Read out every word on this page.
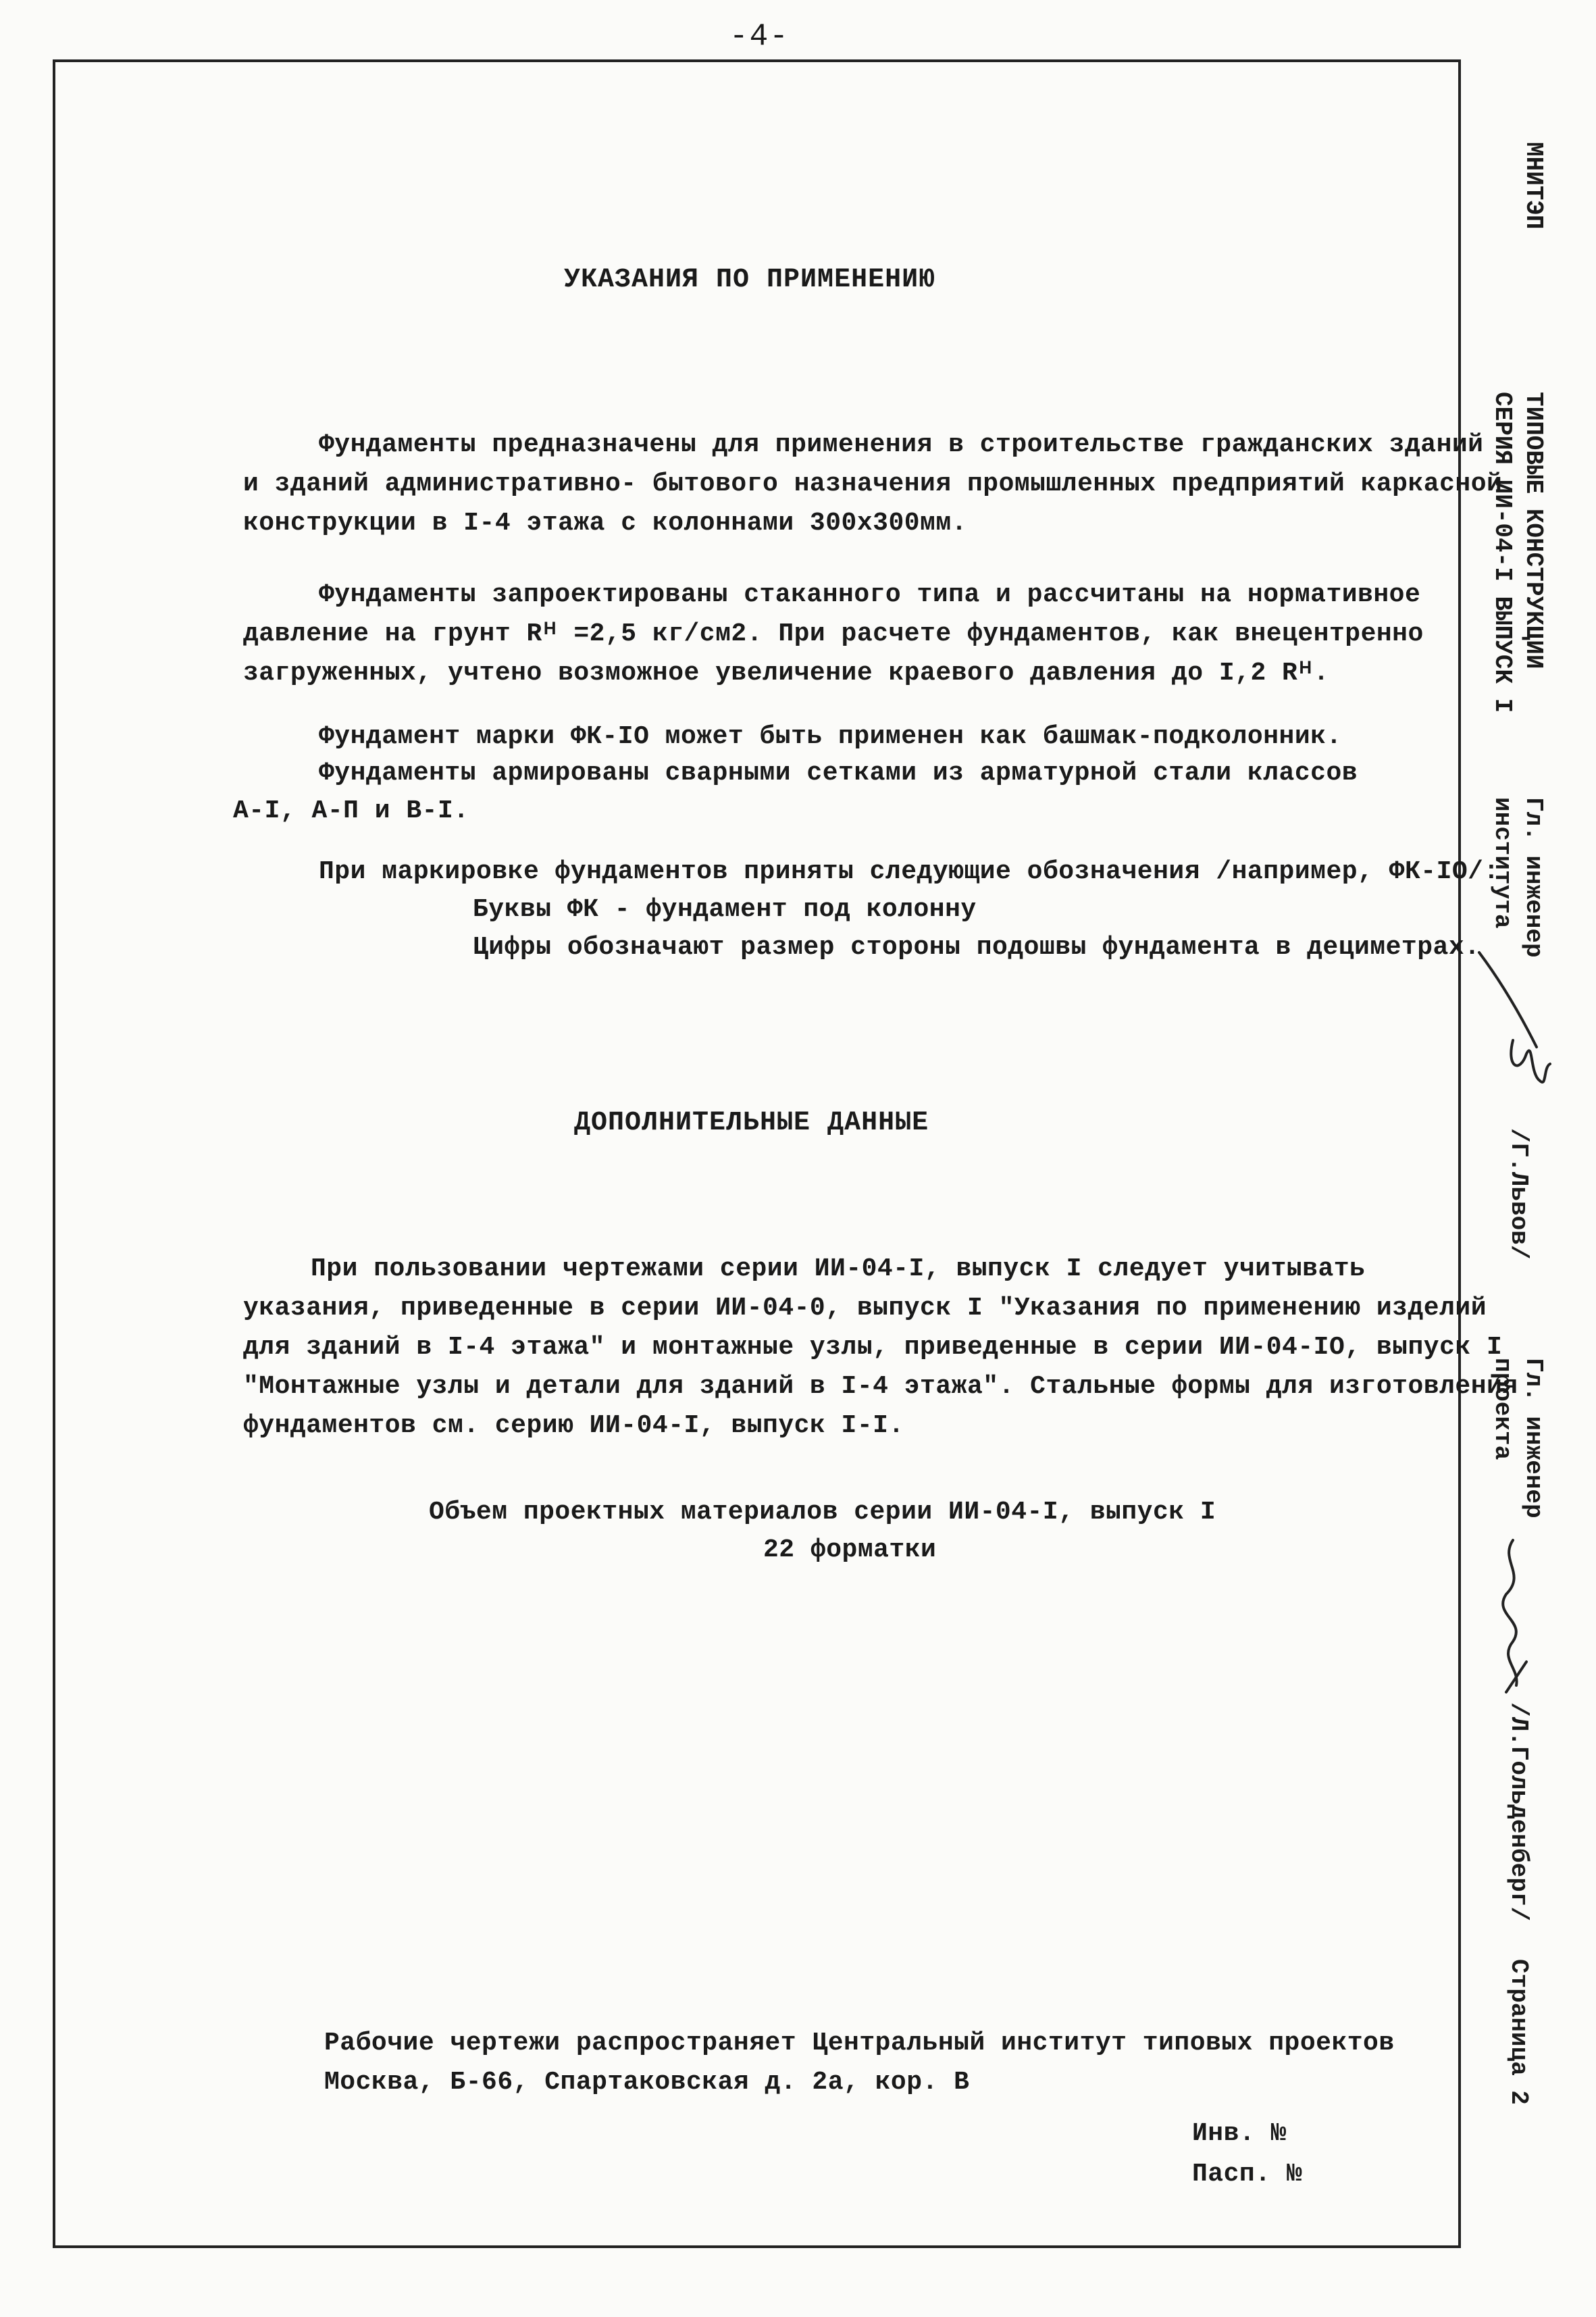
-4-
УКАЗАНИЯ ПО ПРИМЕНЕНИЮ
Фундаменты предназначены для применения в строительстве гражданских зданий
и зданий административно- бытового назначения промышленных предприятий каркасной
конструкции в I-4 этажа с колоннами 300x300мм.
Фундаменты запроектированы стаканного типа и рассчитаны на нормативное
давление на грунт Rᴴ =2,5 кг/см2. При расчете фундаментов, как внецентренно
загруженных, учтено возможное увеличение краевого давления до I,2 Rᴴ.
Фундамент марки ФК-IO может быть применен как башмак-подколонник.
Фундаменты армированы сварными сетками из арматурной стали классов
А-I, А-П и В-I.
При маркировке фундаментов приняты следующие обозначения /например, ФК-IO/:
Буквы ФК - фундамент под колонну
Цифры обозначают размер стороны подошвы фундамента в дециметрах.
ДОПОЛНИТЕЛЬНЫЕ ДАННЫЕ
При пользовании чертежами серии ИИ-04-I, выпуск I следует учитывать
указания, приведенные в серии ИИ-04-0, выпуск I "Указания по применению изделий
для зданий в I-4 этажа" и монтажные узлы, приведенные в серии ИИ-04-IO, выпуск I
"Монтажные узлы и детали для зданий в I-4 этажа". Стальные формы для изготовления
фундаментов см. серию ИИ-04-I, выпуск I-I.
Объем проектных материалов серии ИИ-04-I, выпуск I
22 форматки
Рабочие чертежи распространяет Центральный институт типовых проектов
Москва, Б-66, Спартаковская д. 2а, кор. В
Инв. №
Пасп. №
МНИТЭП
ТИПОВЫЕ КОНСТРУКЦИИ
СЕРИЯ ИИ-04-I ВЫПУСК I
Гл. инженер
института
/Г.Львов/
Гл. инженер
проекта
/Л.Гольденберг/
Страница 2
